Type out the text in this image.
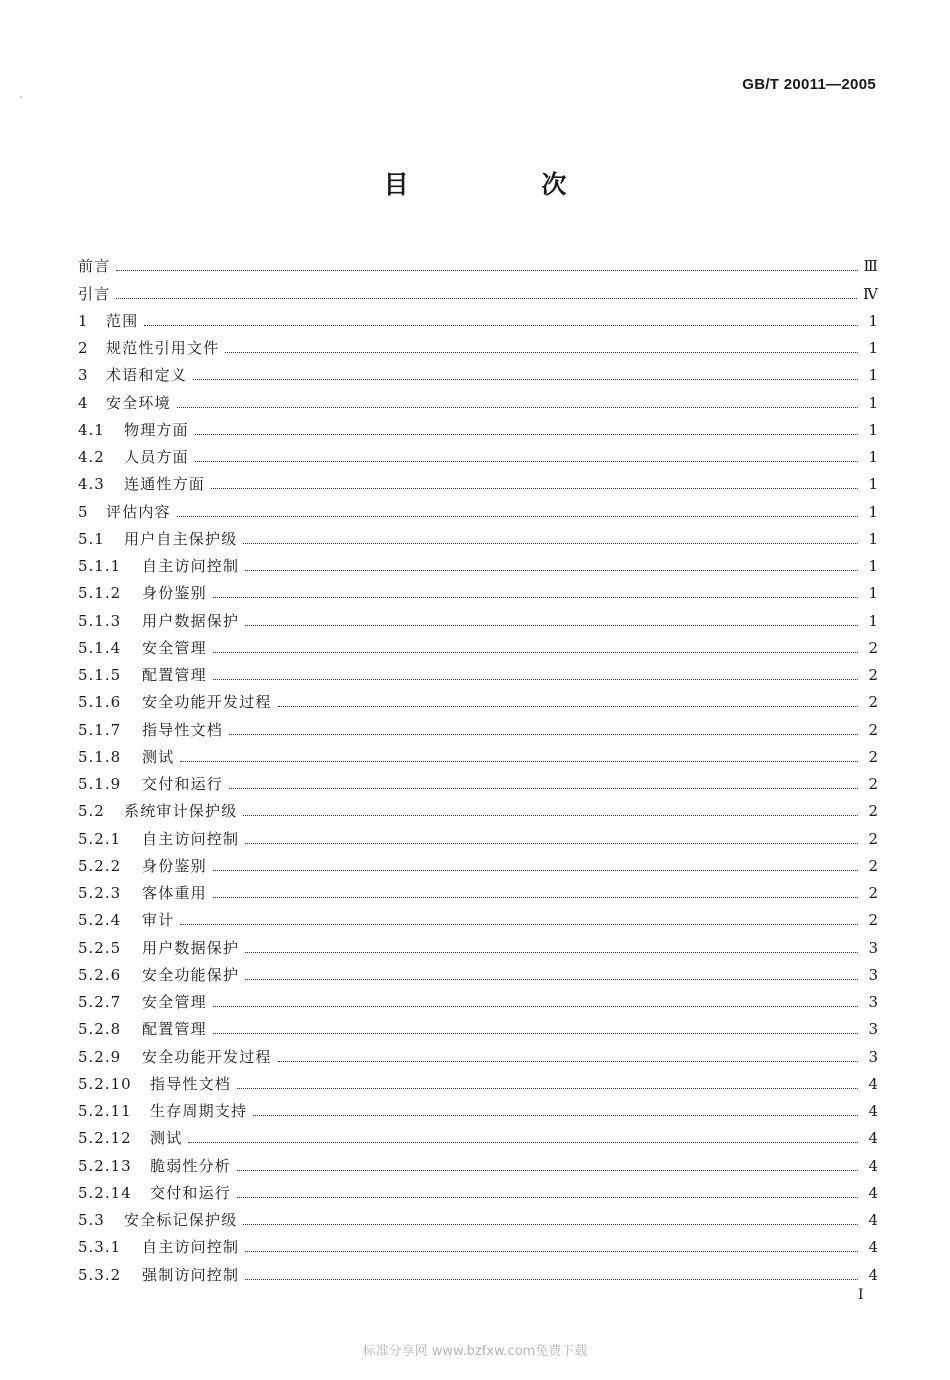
GB/T 20011—2005
目 次
前言	Ⅲ
引言	Ⅳ
1	范围	1
2	规范性引用文件	1
3	术语和定义	1
4	安全环境	1
4.1	物理方面	1
4.2	人员方面	1
4.3	连通性方面	1
5	评估内容	1
5.1	用户自主保护级	1
5.1.1	自主访问控制	1
5.1.2	身份鉴别	1
5.1.3	用户数据保护	1
5.1.4	安全管理	2
5.1.5	配置管理	2
5.1.6	安全功能开发过程	2
5.1.7	指导性文档	2
5.1.8	测试	2
5.1.9	交付和运行	2
5.2	系统审计保护级	2
5.2.1	自主访问控制	2
5.2.2	身份鉴别	2
5.2.3	客体重用	2
5.2.4	审计	2
5.2.5	用户数据保护	3
5.2.6	安全功能保护	3
5.2.7	安全管理	3
5.2.8	配置管理	3
5.2.9	安全功能开发过程	3
5.2.10	指导性文档	4
5.2.11	生存周期支持	4
5.2.12	测试	4
5.2.13	脆弱性分析	4
5.2.14	交付和运行	4
5.3	安全标记保护级	4
5.3.1	自主访问控制	4
5.3.2	强制访问控制	4
I
标准分享网 www.bzfxw.com免费下载
